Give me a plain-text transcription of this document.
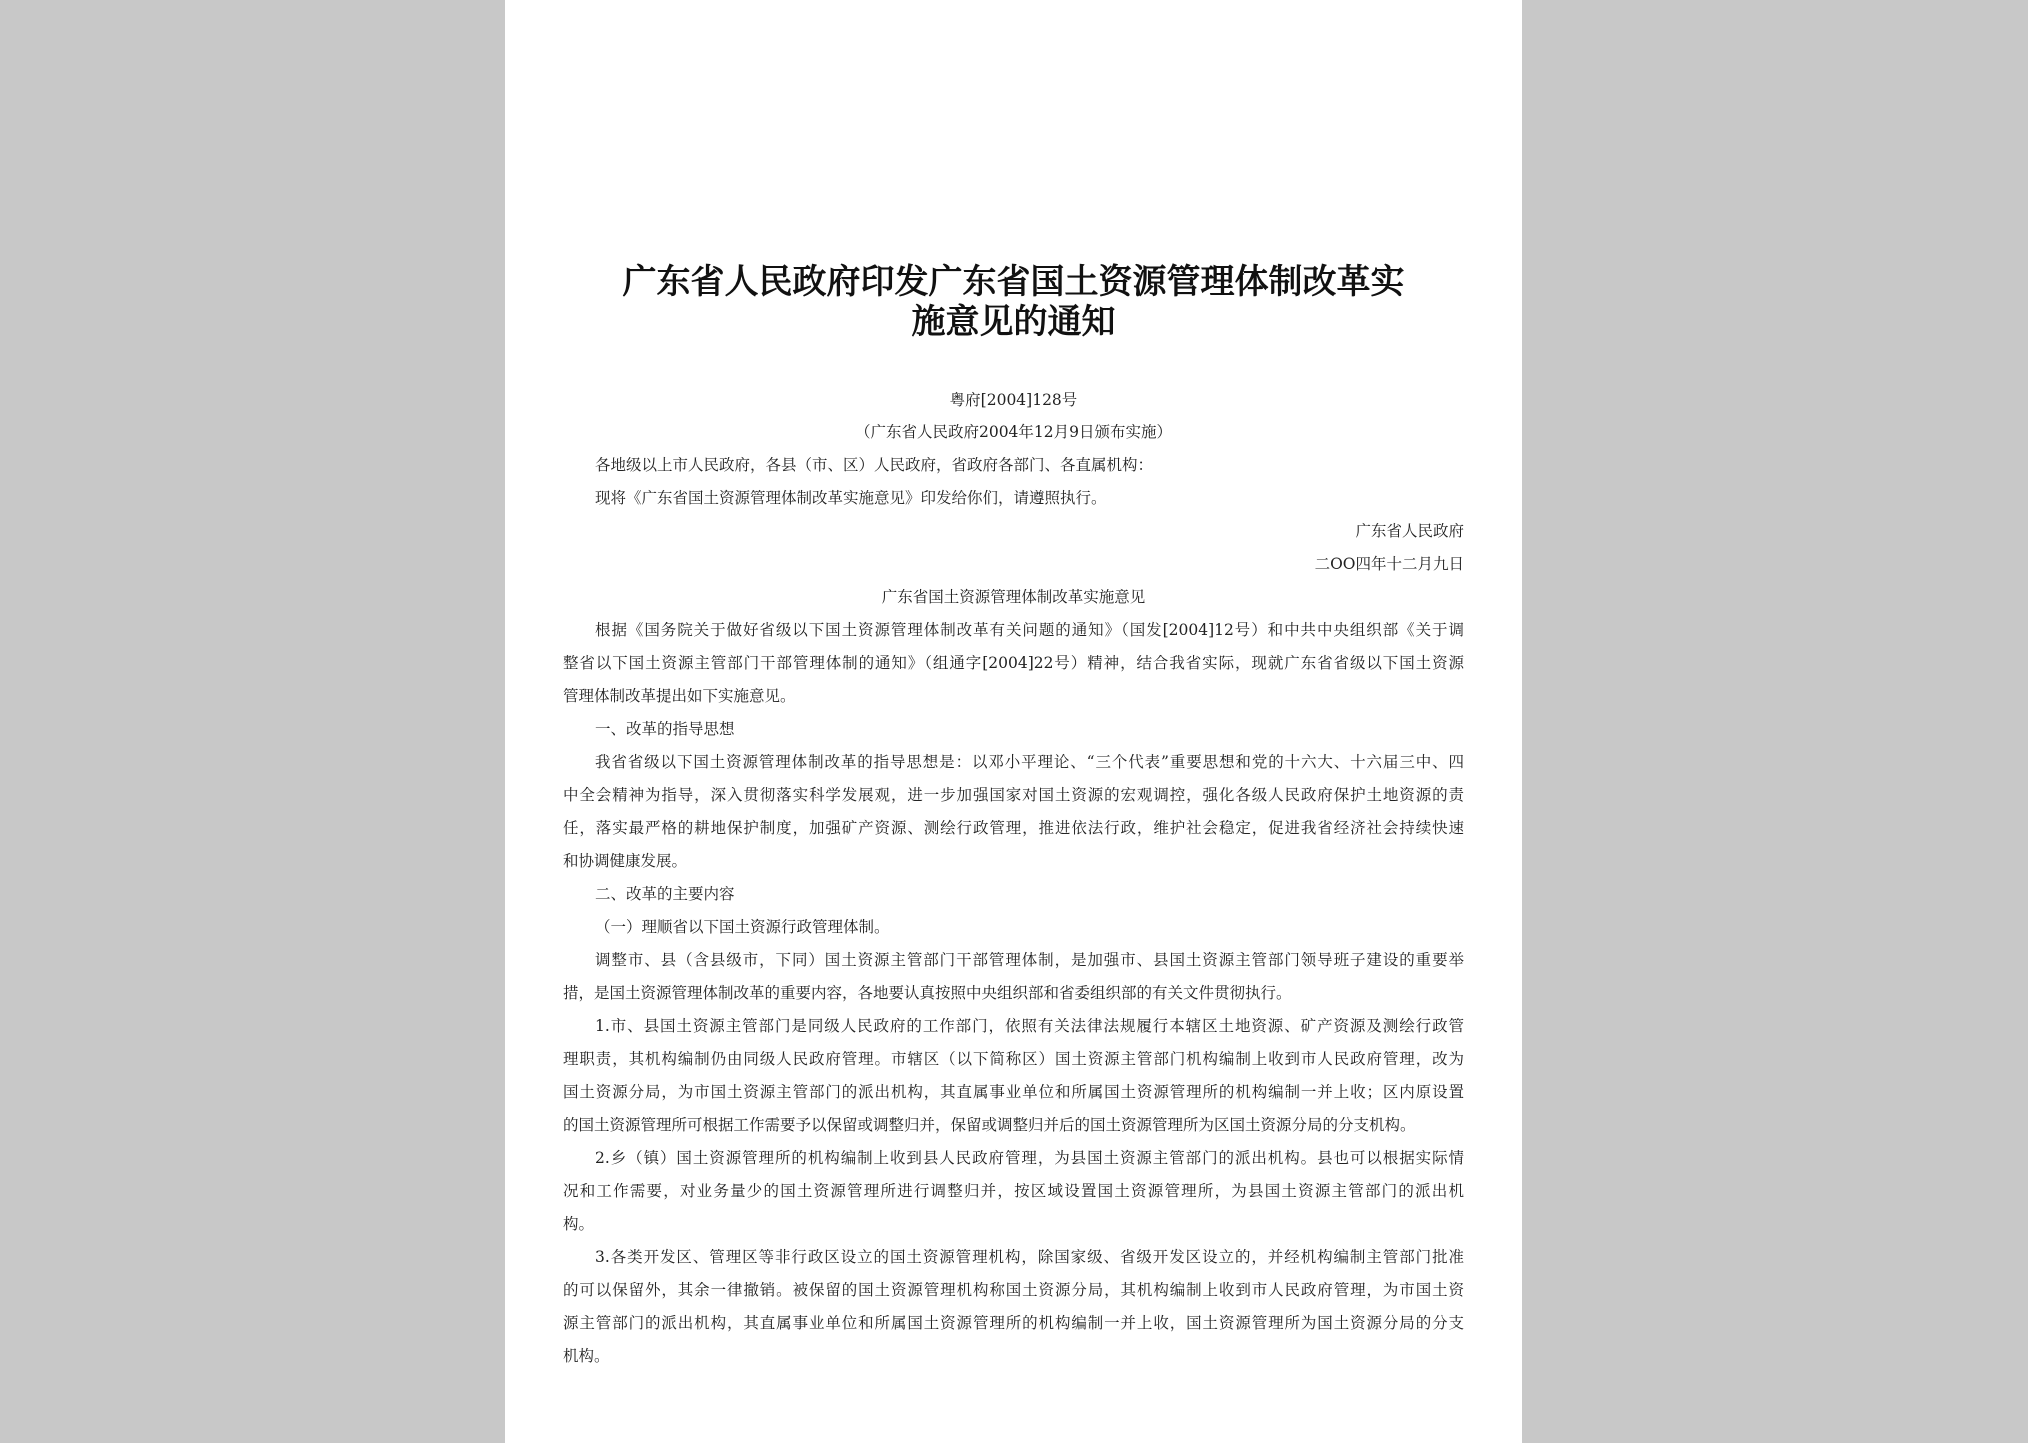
广东省人民政府印发广东省国土资源管理体制改革实
施意见的通知
粤府[2004]128号
（广东省人民政府2004年12月9日颁布实施）
各地级以上市人民政府，各县（市、区）人民政府，省政府各部门、各直属机构：
现将《广东省国土资源管理体制改革实施意见》印发给你们，请遵照执行。
广东省人民政府
二OO四年十二月九日
广东省国土资源管理体制改革实施意见
根据《国务院关于做好省级以下国土资源管理体制改革有关问题的通知》（国发[2004]12号）和中共中央组织部《关于调
整省以下国土资源主管部门干部管理体制的通知》（组通字[2004]22号）精神，结合我省实际，现就广东省省级以下国土资源
管理体制改革提出如下实施意见。
一、改革的指导思想
我省省级以下国土资源管理体制改革的指导思想是：以邓小平理论、“三个代表”重要思想和党的十六大、十六届三中、四
中全会精神为指导，深入贯彻落实科学发展观，进一步加强国家对国土资源的宏观调控，强化各级人民政府保护土地资源的责
任，落实最严格的耕地保护制度，加强矿产资源、测绘行政管理，推进依法行政，维护社会稳定，促进我省经济社会持续快速
和协调健康发展。
二、改革的主要内容
（一）理顺省以下国土资源行政管理体制。
调整市、县（含县级市，下同）国土资源主管部门干部管理体制，是加强市、县国土资源主管部门领导班子建设的重要举
措，是国土资源管理体制改革的重要内容，各地要认真按照中央组织部和省委组织部的有关文件贯彻执行。
1.市、县国土资源主管部门是同级人民政府的工作部门，依照有关法律法规履行本辖区土地资源、矿产资源及测绘行政管
理职责，其机构编制仍由同级人民政府管理。市辖区（以下简称区）国土资源主管部门机构编制上收到市人民政府管理，改为
国土资源分局，为市国土资源主管部门的派出机构，其直属事业单位和所属国土资源管理所的机构编制一并上收；区内原设置
的国土资源管理所可根据工作需要予以保留或调整归并，保留或调整归并后的国土资源管理所为区国土资源分局的分支机构。
2.乡（镇）国土资源管理所的机构编制上收到县人民政府管理，为县国土资源主管部门的派出机构。县也可以根据实际情
况和工作需要，对业务量少的国土资源管理所进行调整归并，按区域设置国土资源管理所，为县国土资源主管部门的派出机
构。
3.各类开发区、管理区等非行政区设立的国土资源管理机构，除国家级、省级开发区设立的，并经机构编制主管部门批准
的可以保留外，其余一律撤销。被保留的国土资源管理机构称国土资源分局，其机构编制上收到市人民政府管理，为市国土资
源主管部门的派出机构，其直属事业单位和所属国土资源管理所的机构编制一并上收，国土资源管理所为国土资源分局的分支
机构。
